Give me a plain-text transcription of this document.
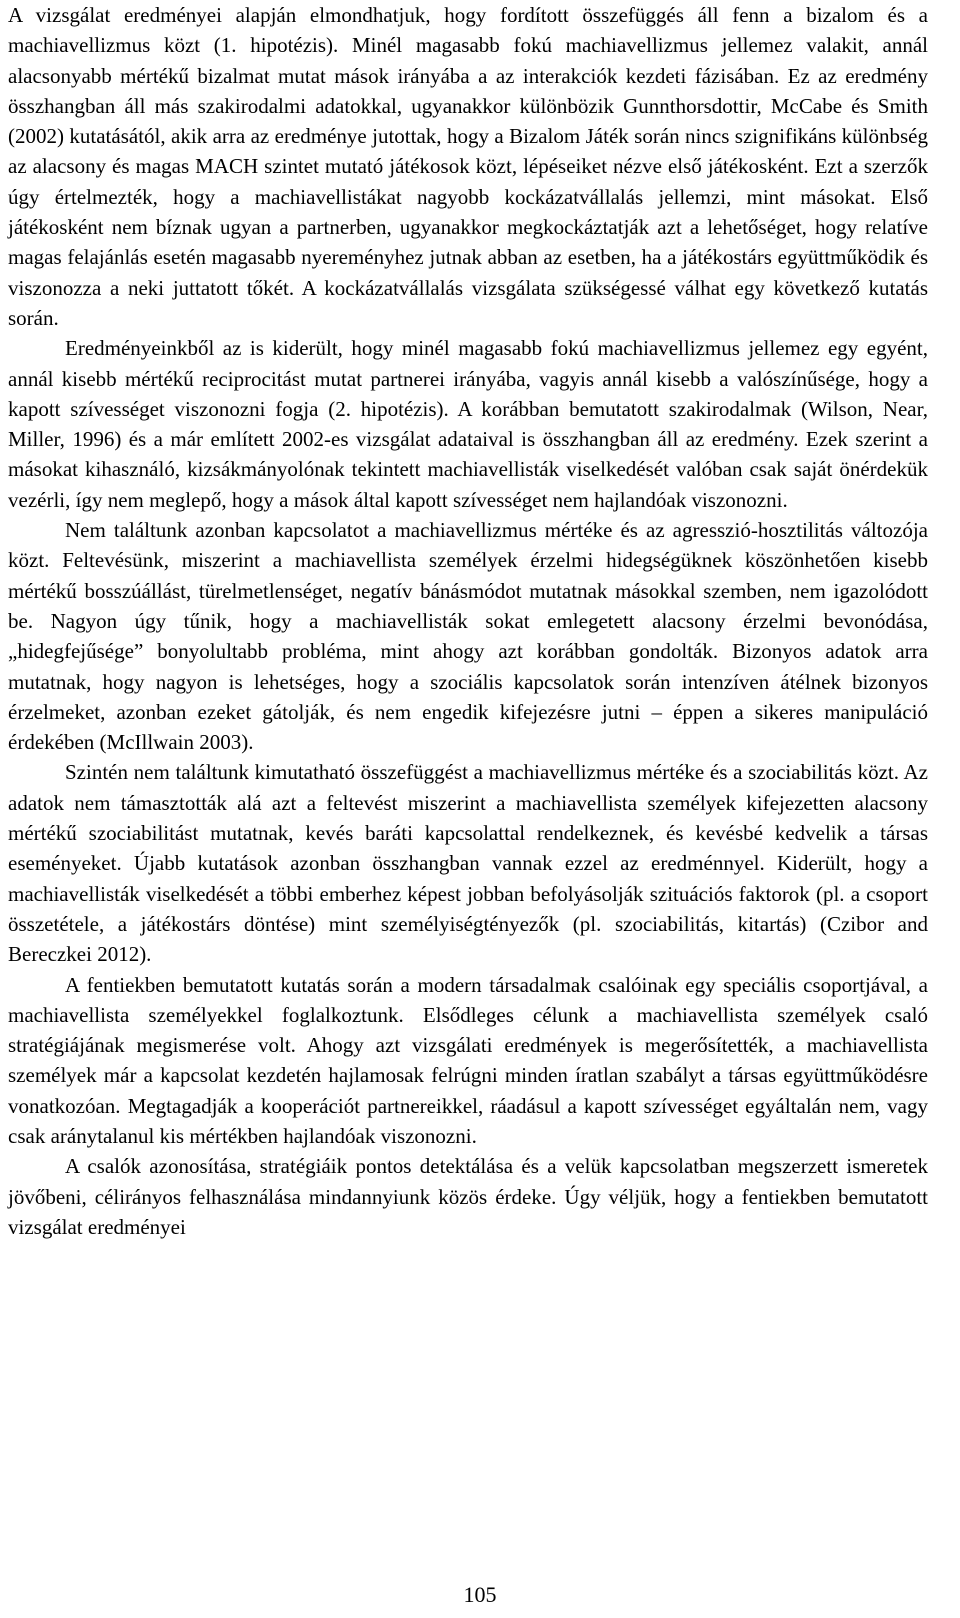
A vizsgálat eredményei alapján elmondhatjuk, hogy fordított összefüggés áll fenn a bizalom és a machiavellizmus közt (1. hipotézis). Minél magasabb fokú machiavellizmus jellemez valakit, annál alacsonyabb mértékű bizalmat mutat mások irányába a az interakciók kezdeti fázisában. Ez az eredmény összhangban áll más szakirodalmi adatokkal, ugyanakkor különbözik Gunnthorsdottir, McCabe és Smith (2002) kutatásától, akik arra az eredménye jutottak, hogy a Bizalom Játék során nincs szignifikáns különbség az alacsony és magas MACH szintet mutató játékosok közt, lépéseiket nézve első játékosként. Ezt a szerzők úgy értelmezték, hogy a machiavellistákat nagyobb kockázatvállalás jellemzi, mint másokat. Első játékosként nem bíznak ugyan a partnerben, ugyanakkor megkockáztatják azt a lehetőséget, hogy relatíve magas felajánlás esetén magasabb nyereményhez jutnak abban az esetben, ha a játékostárs együttműködik és viszonozza a neki juttatott tőkét. A kockázatvállalás vizsgálata szükségessé válhat egy következő kutatás során.

Eredményeinkből az is kiderült, hogy minél magasabb fokú machiavellizmus jellemez egy egyént, annál kisebb mértékű reciprocitást mutat partnerei irányába, vagyis annál kisebb a valószínűsége, hogy a kapott szívességet viszonozni fogja (2. hipotézis). A korábban bemutatott szakirodalmak (Wilson, Near, Miller, 1996) és a már említett 2002-es vizsgálat adataival is összhangban áll az eredmény. Ezek szerint a másokat kihasználó, kizsákmányolónak tekintett machiavellisták viselkedését valóban csak saját önérdekük vezérli, így nem meglepő, hogy a mások által kapott szívességet nem hajlandóak viszonozni.

Nem találtunk azonban kapcsolatot a machiavellizmus mértéke és az agresszió-hosztilitás változója közt. Feltevésünk, miszerint a machiavellista személyek érzelmi hidegségüknek köszönhetően kisebb mértékű bosszúállást, türelmetlenséget, negatív bánásmódot mutatnak másokkal szemben, nem igazolódott be. Nagyon úgy tűnik, hogy a machiavellisták sokat emlegetett alacsony érzelmi bevonódása, „hidegfejűsége” bonyolultabb probléma, mint ahogy azt korábban gondolták. Bizonyos adatok arra mutatnak, hogy nagyon is lehetséges, hogy a szociális kapcsolatok során intenzíven átélnek bizonyos érzelmeket, azonban ezeket gátolják, és nem engedik kifejezésre jutni – éppen a sikeres manipuláció érdekében (McIllwain 2003).

Szintén nem találtunk kimutatható összefüggést a machiavellizmus mértéke és a szociabilitás közt. Az adatok nem támasztották alá azt a feltevést miszerint a machiavellista személyek kifejezetten alacsony mértékű szociabilitást mutatnak, kevés baráti kapcsolattal rendelkeznek, és kevésbé kedvelik a társas eseményeket. Újabb kutatások azonban összhangban vannak ezzel az eredménnyel. Kiderült, hogy a machiavellisták viselkedését a többi emberhez képest jobban befolyásolják szituációs faktorok (pl. a csoport összetétele, a játékostárs döntése) mint személyiségtényezők (pl. szociabilitás, kitartás) (Czibor and Bereczkei 2012).

A fentiekben bemutatott kutatás során a modern társadalmak csalóinak egy speciális csoportjával, a machiavellista személyekkel foglalkoztunk. Elsődleges célunk a machiavellista személyek csaló stratégiájának megismerése volt. Ahogy azt vizsgálati eredmények is megerősítették, a machiavellista személyek már a kapcsolat kezdetén hajlamosak felrúgni minden íratlan szabályt a társas együttműködésre vonatkozóan. Megtagadják a kooperációt partnereikkel, ráadásul a kapott szívességet egyáltalán nem, vagy csak aránytalanul kis mértékben hajlandóak viszonozni.

A csalók azonosítása, stratégiáik pontos detektálása és a velük kapcsolatban megszerzett ismeretek jövőbeni, célirányos felhasználása mindannyiunk közös érdeke. Úgy véljük, hogy a fentiekben bemutatott vizsgálat eredményei

105
